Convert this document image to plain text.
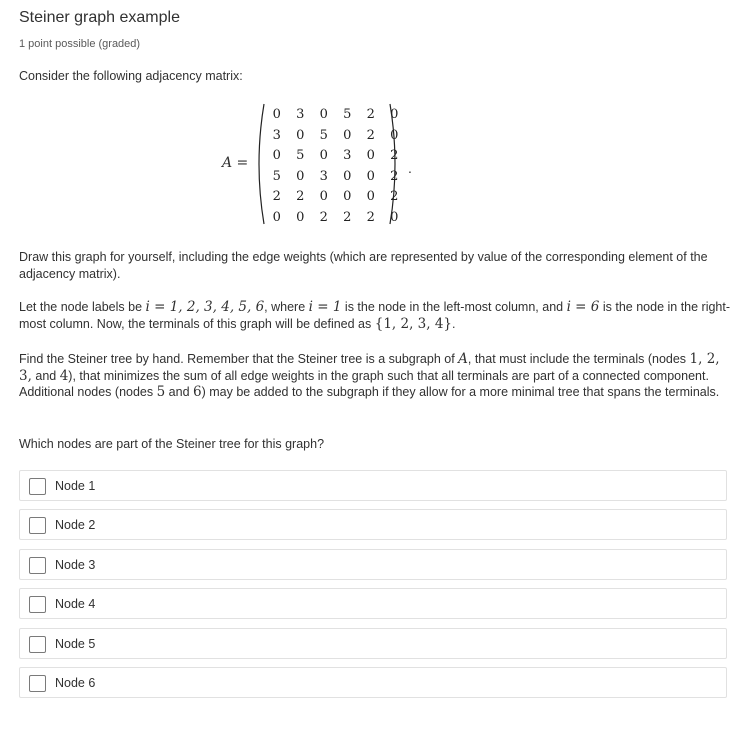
Steiner graph example
1 point possible (graded)
Consider the following adjacency matrix:
A =
0	3	0	5	2	0
3	0	5	0	2	0
0	5	0	3	0	2
5	0	3	0	0	2
2	2	0	0	0	2
0	0	2	2	2	0
.
Draw this graph for yourself, including the edge weights (which are represented by value of the corresponding element of the adjacency matrix).
Let the node labels be i = 1, 2, 3, 4, 5, 6, where i = 1 is the node in the left-most column, and i = 6 is the node in the right-most column. Now, the terminals of this graph will be defined as {1, 2, 3, 4}.
Find the Steiner tree by hand. Remember that the Steiner tree is a subgraph of A, that must include the terminals (nodes 1, 2, 3, and 4), that minimizes the sum of all edge weights in the graph such that all terminals are part of a connected component. Additional nodes (nodes 5 and 6) may be added to the subgraph if they allow for a more minimal tree that spans the terminals.
Which nodes are part of the Steiner tree for this graph?
Node 1
Node 2
Node 3
Node 4
Node 5
Node 6
